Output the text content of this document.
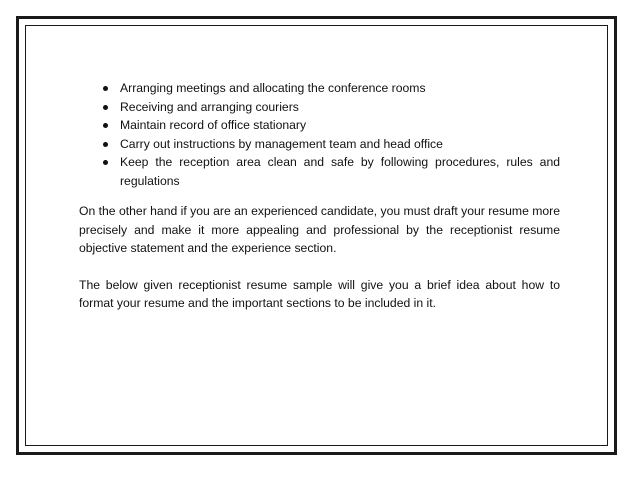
Arranging meetings and allocating the conference rooms
Receiving and arranging couriers
Maintain record of office stationary
Carry out instructions by management team and head office
Keep the reception area clean and safe by following procedures, rules and regulations

On the other hand if you are an experienced candidate, you must draft your resume more precisely and make it more appealing and professional by the receptionist resume objective statement and the experience section.

The below given receptionist resume sample will give you a brief idea about how to format your resume and the important sections to be included in it.
